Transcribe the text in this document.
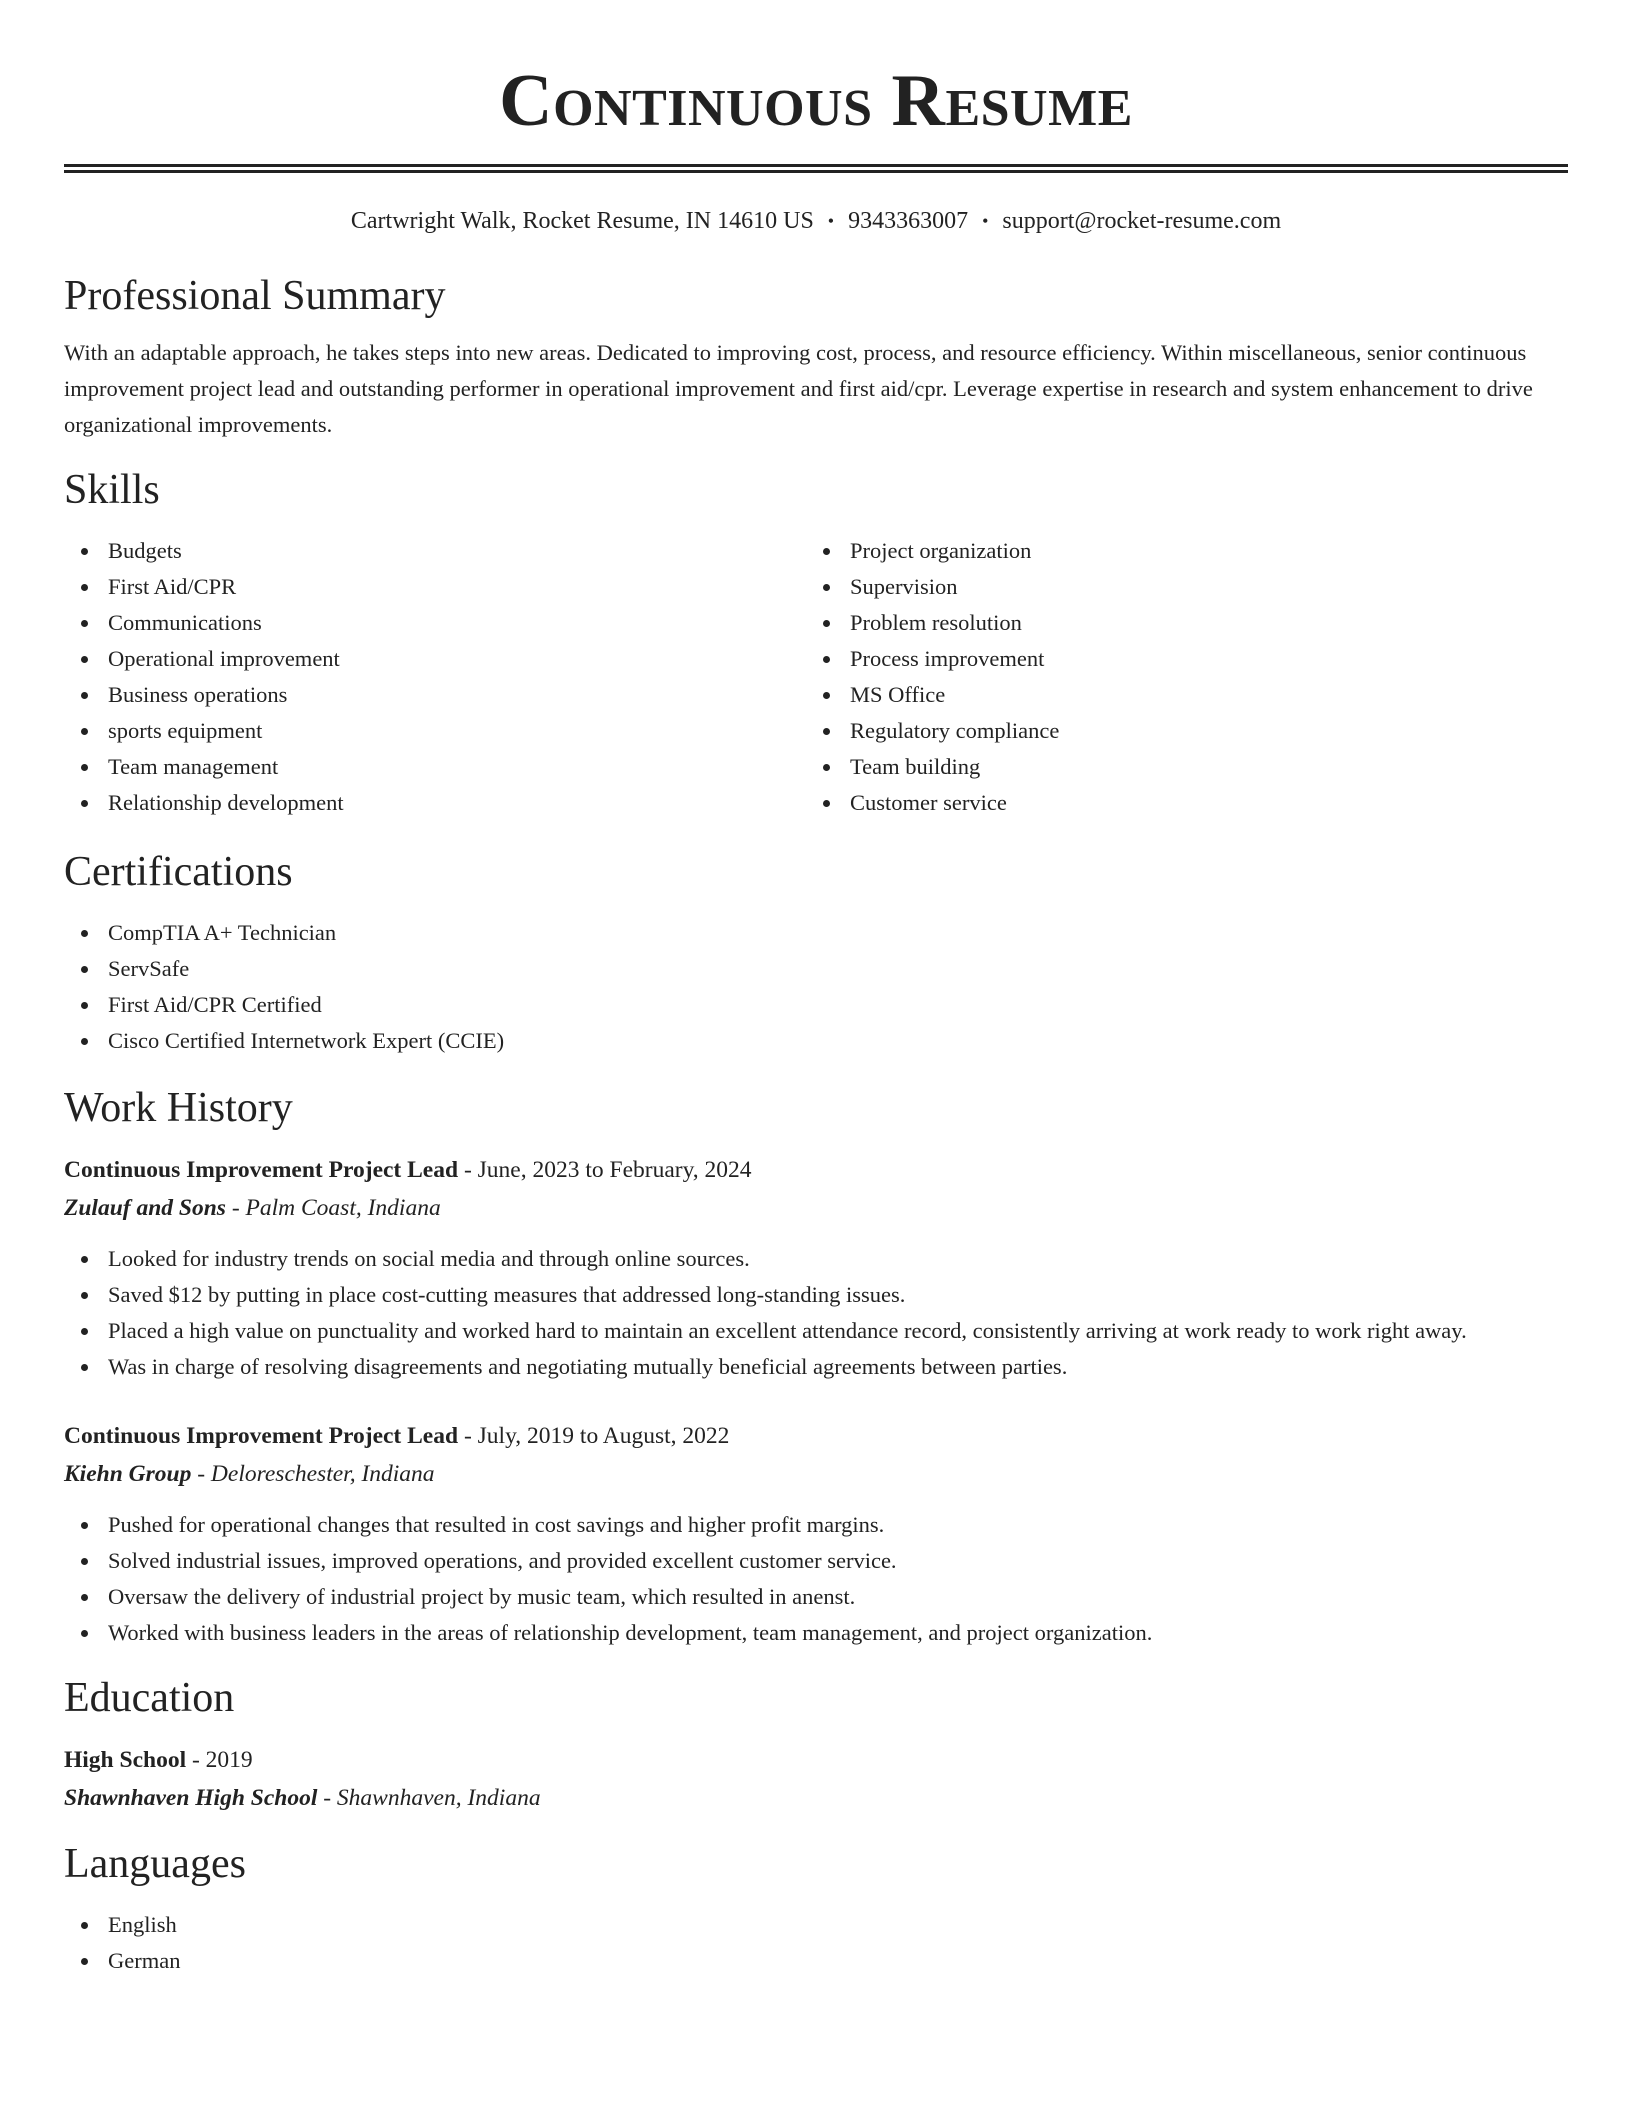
Continuous Resume
Cartwright Walk, Rocket Resume, IN 14610 US • 9343363007 • support@rocket-resume.com
Professional Summary

With an adaptable approach, he takes steps into new areas. Dedicated to improving cost, process, and resource efficiency. Within miscellaneous, senior continuous improvement project lead and outstanding performer in operational improvement and first aid/cpr. Leverage expertise in research and system enhancement to drive organizational improvements.

Skills
Budgets
First Aid/CPR
Communications
Operational improvement
Business operations
sports equipment
Team management
Relationship development
Project organization
Supervision
Problem resolution
Process improvement
MS Office
Regulatory compliance
Team building
Customer service
Certifications
CompTIA A+ Technician
ServSafe
First Aid/CPR Certified
Cisco Certified Internetwork Expert (CCIE)
Work History
Continuous Improvement Project Lead - June, 2023 to February, 2024
Zulauf and Sons - Palm Coast, Indiana
Looked for industry trends on social media and through online sources.
Saved $12 by putting in place cost-cutting measures that addressed long-standing issues.
Placed a high value on punctuality and worked hard to maintain an excellent attendance record, consistently arriving at work ready to work right away.
Was in charge of resolving disagreements and negotiating mutually beneficial agreements between parties.
Continuous Improvement Project Lead - July, 2019 to August, 2022
Kiehn Group - Deloreschester, Indiana
Pushed for operational changes that resulted in cost savings and higher profit margins.
Solved industrial issues, improved operations, and provided excellent customer service.
Oversaw the delivery of industrial project by music team, which resulted in anenst.
Worked with business leaders in the areas of relationship development, team management, and project organization.
Education
High School - 2019
Shawnhaven High School - Shawnhaven, Indiana
Languages
English
German
